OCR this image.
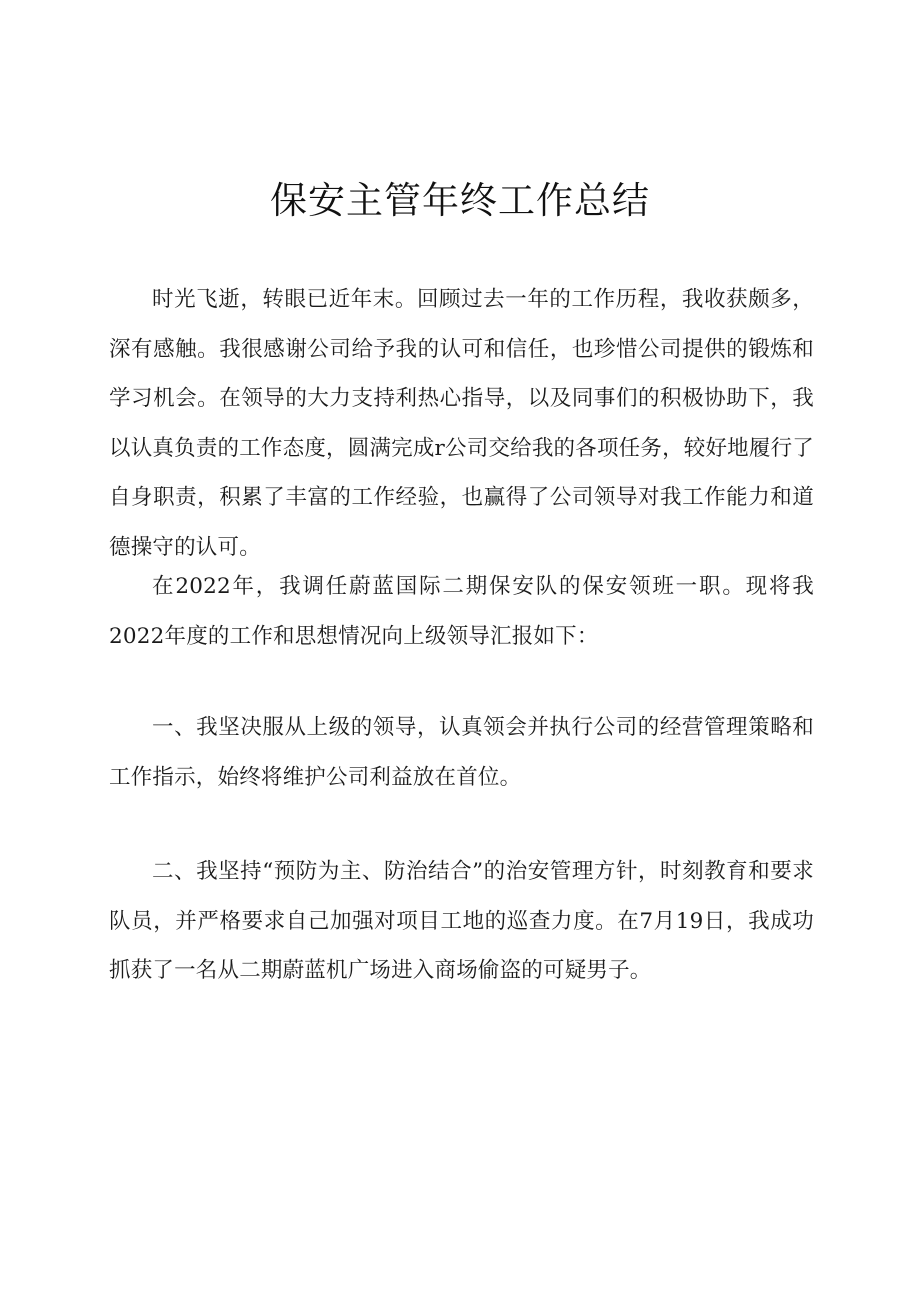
保安主管年终工作总结

时光飞逝，转眼已近年末。回顾过去一年的工作历程，我收获颇多，深有感触。我很感谢公司给予我的认可和信任，也珍惜公司提供的锻炼和学习机会。在领导的大力支持利热心指导，以及同事们的积极协助下，我以认真负责的工作态度，圆满完成r公司交给我的各项任务，较好地履行了自身职责，积累了丰富的工作经验，也赢得了公司领导对我工作能力和道德操守的认可。

在2022年，我调任蔚蓝国际二期保安队的保安领班一职。现将我2022年度的工作和思想情况向上级领导汇报如下：

一、我坚决服从上级的领导，认真领会并执行公司的经营管理策略和工作指示，始终将维护公司利益放在首位。

二、我坚持“预防为主、防治结合”的治安管理方针，时刻教育和要求队员，并严格要求自己加强对项目工地的巡查力度。在7月19日，我成功抓获了一名从二期蔚蓝机广场进入商场偷盗的可疑男子。
